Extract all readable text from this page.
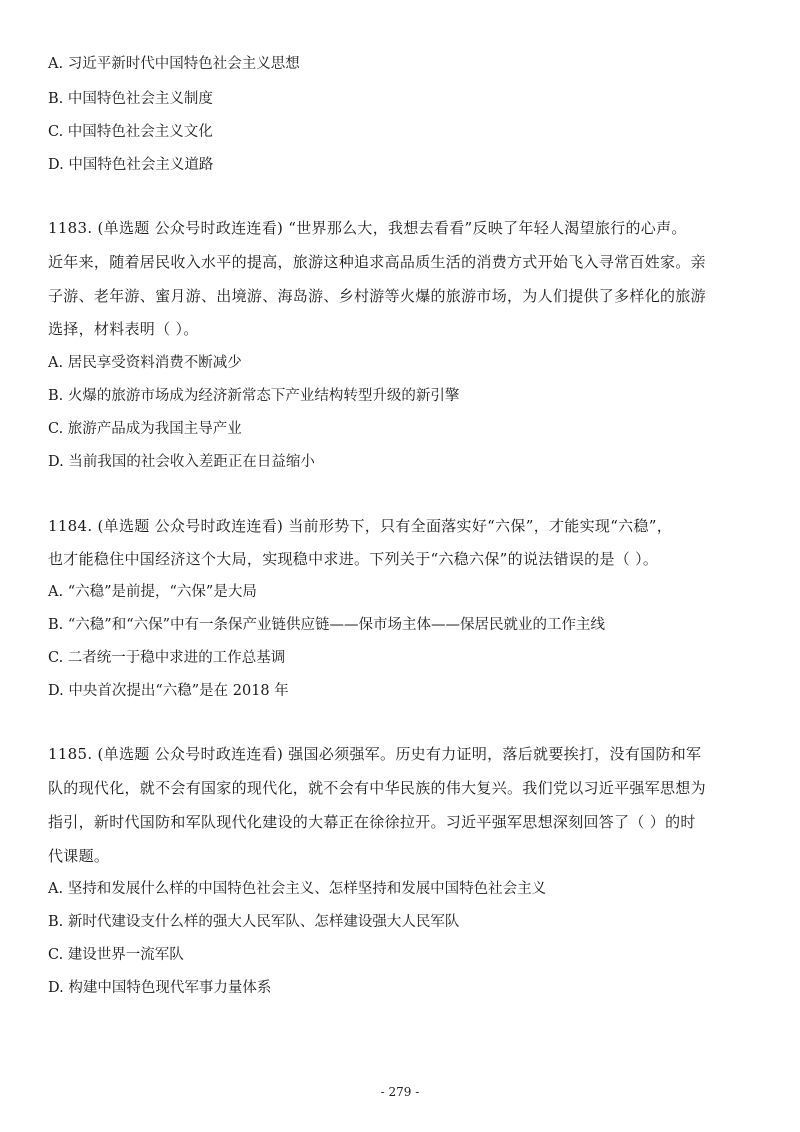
A. 习近平新时代中国特色社会主义思想
B. 中国特色社会主义制度
C. 中国特色社会主义文化
D. 中国特色社会主义道路
1183. (单选题 公众号时政连连看) “世界那么大，我想去看看”反映了年轻人渴望旅行的心声。
近年来，随着居民收入水平的提高，旅游这种追求高品质生活的消费方式开始飞入寻常百姓家。亲
子游、老年游、蜜月游、出境游、海岛游、乡村游等火爆的旅游市场，为人们提供了多样化的旅游
选择，材料表明（ ）。
A. 居民享受资料消费不断减少
B. 火爆的旅游市场成为经济新常态下产业结构转型升级的新引擎
C. 旅游产品成为我国主导产业
D. 当前我国的社会收入差距正在日益缩小
1184. (单选题 公众号时政连连看) 当前形势下，只有全面落实好“六保”，才能实现“六稳”，
也才能稳住中国经济这个大局，实现稳中求进。下列关于“六稳六保”的说法错误的是（ ）。
A. “六稳”是前提，“六保”是大局
B. “六稳”和“六保”中有一条保产业链供应链——保市场主体——保居民就业的工作主线
C. 二者统一于稳中求进的工作总基调
D. 中央首次提出“六稳”是在 2018 年
1185. (单选题 公众号时政连连看) 强国必须强军。历史有力证明，落后就要挨打，没有国防和军
队的现代化，就不会有国家的现代化，就不会有中华民族的伟大复兴。我们党以习近平强军思想为
指引，新时代国防和军队现代化建设的大幕正在徐徐拉开。习近平强军思想深刻回答了（ ）的时
代课题。
A. 坚持和发展什么样的中国特色社会主义、怎样坚持和发展中国特色社会主义
B. 新时代建设支什么样的强大人民军队、怎样建设强大人民军队
C. 建设世界一流军队
D. 构建中国特色现代军事力量体系
- 279 -
